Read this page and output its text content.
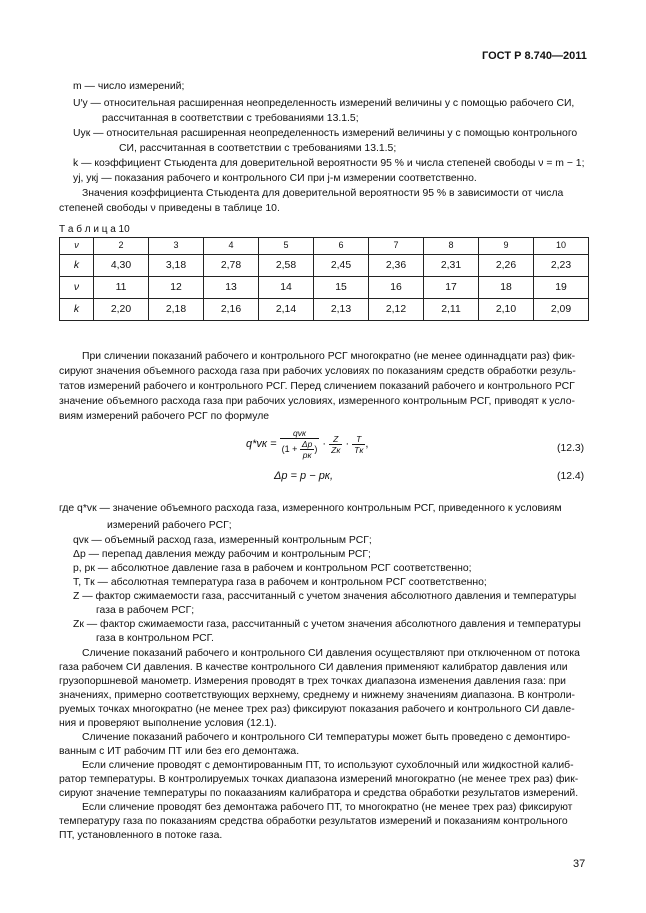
ГОСТ Р 8.740—2011
m — число измерений;
U′y — относительная расширенная неопределенность измерений величины y с помощью рабочего СИ,
расcчитанная в соответствии с требованиями 13.1.5;
Uyк — относительная расширенная неопределенность измерений величины y с помощью контрольного
СИ, рассчитанная в соответствии с требованиями 13.1.5;
k — коэффициент Стьюдента для доверительной вероятности 95 % и числа степеней свободы ν = m − 1;
yj, yкj — показания рабочего и контрольного СИ при j-м измерении соответственно.
Значения коэффициента Стьюдента для доверительной вероятности 95 % в зависимости от числа
степеней свободы ν приведены в таблице 10.
Т а б л и ц а 10
ν	2	3	4	5	6	7	8	9	10
k	4,30	3,18	2,78	2,58	2,45	2,36	2,31	2,26	2,23
ν	11	12	13	14	15	16	17	18	19
k	2,20	2,18	2,16	2,14	2,13	2,12	2,11	2,10	2,09
При сличении показаний рабочего и контрольного РСГ многократно (не менее одиннадцати раз) фик-
сируют значения объемного расхода газа при рабочих условиях по показаниям средств обработки резуль-
татов измерений рабочего и контрольного РСГ. Перед сличением показаний рабочего и контрольного РСГ
значение объемного расхода газа при рабочих условиях, измеренного контрольным РСГ, приводят к усло-
виям измерений рабочего РСГ по формуле
$q*vк = \frac{\text{qvк}}{(1 + \frac{\Delta p}{pк} )} \cdot \frac{Z}{Zк} \cdot \frac{T}{Tк}$ ,	(12.3)
Δp = p − pк,	(12.4)
где q*vк — значение объемного расхода газа, измеренного контрольным РСГ, приведенного к условиям
измерений рабочего РСГ;
qvк — объемный расход газа, измеренный контрольным РСГ;
Δp — перепад давления между рабочим и контрольным РСГ;
p, pк — абсолютное давление газа в рабочем и контрольном РСГ соответственно;
T, Tк — абсолютная температура газа в рабочем и контрольном РСГ соответственно;
Z — фактор сжимаемости газа, рассчитанный с учетом значения абсолютного давления и температуры
газа в рабочем РСГ;
Zк — фактор сжимаемости газа, рассчитанный с учетом значения абсолютного давления и температуры
газа в контрольном РСГ.
Сличение показаний рабочего и контрольного СИ давления осуществляют при отключенном от потока
газа рабочем СИ давления. В качестве контрольного СИ давления применяют калибратор давления или
грузопоршневой манометр. Измерения проводят в трех точках диапазона изменения давления газа: при
значениях, примерно соответствующих верхнему, среднему и нижнему значениям диапазона. В контроли-
руемых точках многократно (не менее трех раз) фиксируют показания рабочего и контрольного СИ давле-
ния и проверяют выполнение условия (12.1).
Сличение показаний рабочего и контрольного СИ температуры может быть проведено с демонтиро-
ванным с ИТ рабочим ПТ или без его демонтажа.
Если сличение проводят с демонтированным ПТ, то используют сухоблочный или жидкостной калиб-
ратор температуры. В контролируемых точках диапазона измерений многократно (не менее трех раз) фик-
сируют значение температуры по покаазаниям калибратора и средства обработки результатов измерений.
Если сличение проводят без демонтажа рабочего ПТ, то многократно (не менее трех раз) фиксируют
температуру газа по показаниям средства обработки результатов измерений и показаниям контрольного
ПТ, установленного в потоке газа.
37
